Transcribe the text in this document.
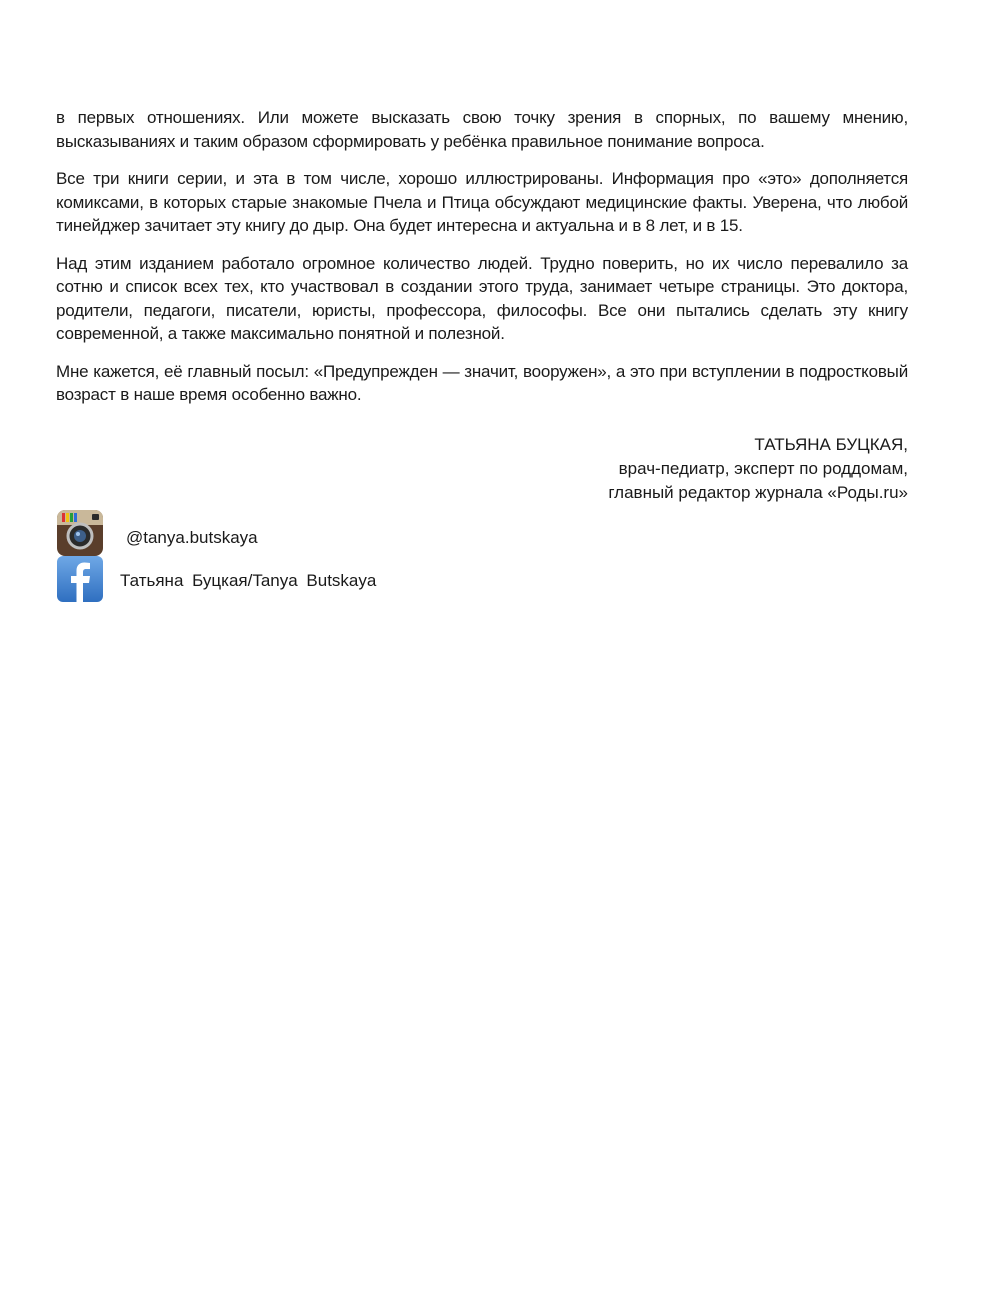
в первых отношениях. Или можете высказать свою точку зрения в спорных, по вашему мнению, высказываниях и таким образом сформировать у ребёнка правильное понимание вопроса.

Все три книги серии, и эта в том числе, хорошо иллюстрированы. Информация про «это» дополняется комиксами, в которых старые знакомые Пчела и Птица обсуждают медицинские факты. Уверена, что любой тинейджер зачитает эту книгу до дыр. Она будет интересна и актуальна и в 8 лет, и в 15.

Над этим изданием работало огромное количество людей. Трудно поверить, но их число перевалило за сотню и список всех тех, кто участвовал в создании этого труда, занимает четыре страницы. Это доктора, родители, педагоги, писатели, юристы, профессора, философы. Все они пытались сделать эту книгу современной, а также максимально понятной и полезной.

Мне кажется, её главный посыл: «Предупрежден — значит, вооружен», а это при вступлении в подростковый возраст в наше время особенно важно.

ТАТЬЯНА БУЦКАЯ,
врач-педиатр, эксперт по роддомам,
главный редактор журнала «Роды.ru»
@tanya.butskaya
Татьяна Буцкая/Tanya Butskaya
